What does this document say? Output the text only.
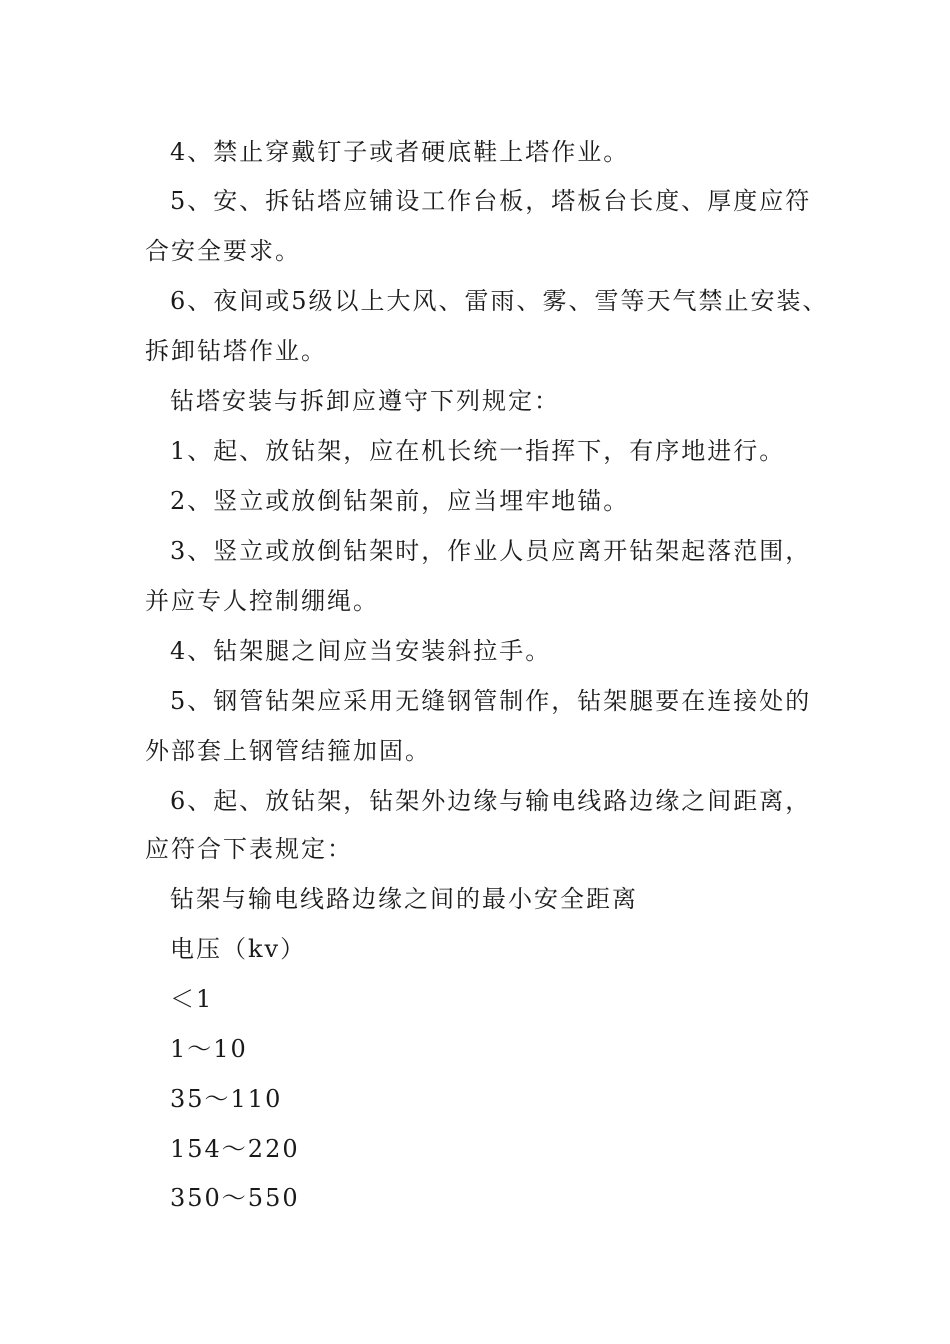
4、禁止穿戴钉子或者硬底鞋上塔作业。
5、安、拆钻塔应铺设工作台板，塔板台长度、厚度应符
合安全要求。
6、夜间或5级以上大风、雷雨、雾、雪等天气禁止安装、
拆卸钻塔作业。
钻塔安装与拆卸应遵守下列规定：
1、起、放钻架，应在机长统一指挥下，有序地进行。
2、竖立或放倒钻架前，应当埋牢地锚。
3、竖立或放倒钻架时，作业人员应离开钻架起落范围，
并应专人控制绷绳。
4、钻架腿之间应当安装斜拉手。
5、钢管钻架应采用无缝钢管制作，钻架腿要在连接处的
外部套上钢管结箍加固。
6、起、放钻架，钻架外边缘与输电线路边缘之间距离，
应符合下表规定：
钻架与输电线路边缘之间的最小安全距离
电压（kv）
＜1
1～10
35～110
154～220
350～550
